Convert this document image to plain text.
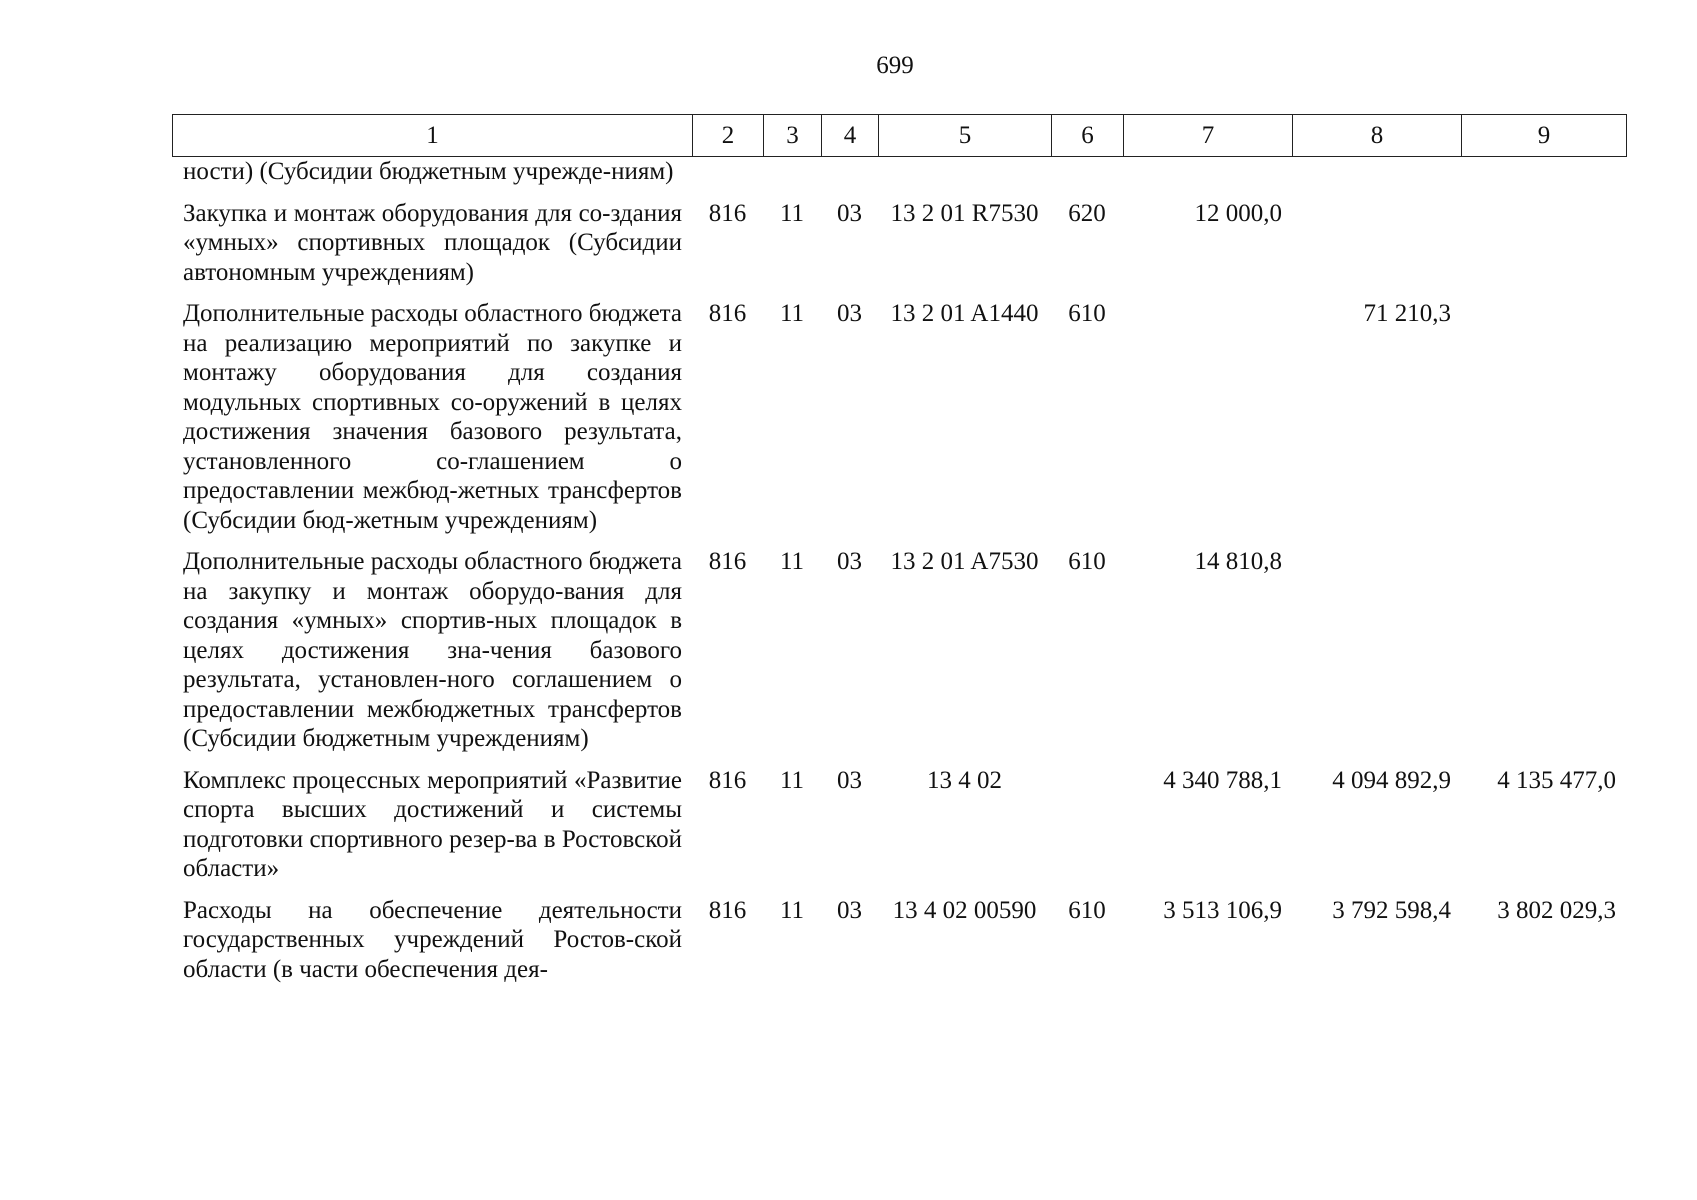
699
1	2	3	4	5	6	7	8	9
ности) (Субсидии бюджетным учрежде-ниям)								
Закупка и монтаж оборудования для со-здания «умных» спортивных площадок (Субсидии автономным учреждениям)	816	11	03	13 2 01 R7530	620	12 000,0		
Дополнительные расходы областного бюджета на реализацию мероприятий по закупке и монтажу оборудования для создания модульных спортивных со-оружений в целях достижения значения базового результата, установленного со-глашением о предоставлении межбюд-жетных трансфертов (Субсидии бюд-жетным учреждениям)	816	11	03	13 2 01 A1440	610		71 210,3	
Дополнительные расходы областного бюджета на закупку и монтаж оборудо-вания для создания «умных» спортив-ных площадок в целях достижения зна-чения базового результата, установлен-ного соглашением о предоставлении межбюджетных трансфертов (Субсидии бюджетным учреждениям)	816	11	03	13 2 01 A7530	610	14 810,8		
Комплекс процессных мероприятий «Развитие спорта высших достижений и системы подготовки спортивного резер-ва в Ростовской области»	816	11	03	13 4 02		4 340 788,1	4 094 892,9	4 135 477,0
Расходы на обеспечение деятельности государственных учреждений Ростов-ской области (в части обеспечения дея-	816	11	03	13 4 02 00590	610	3 513 106,9	3 792 598,4	3 802 029,3
